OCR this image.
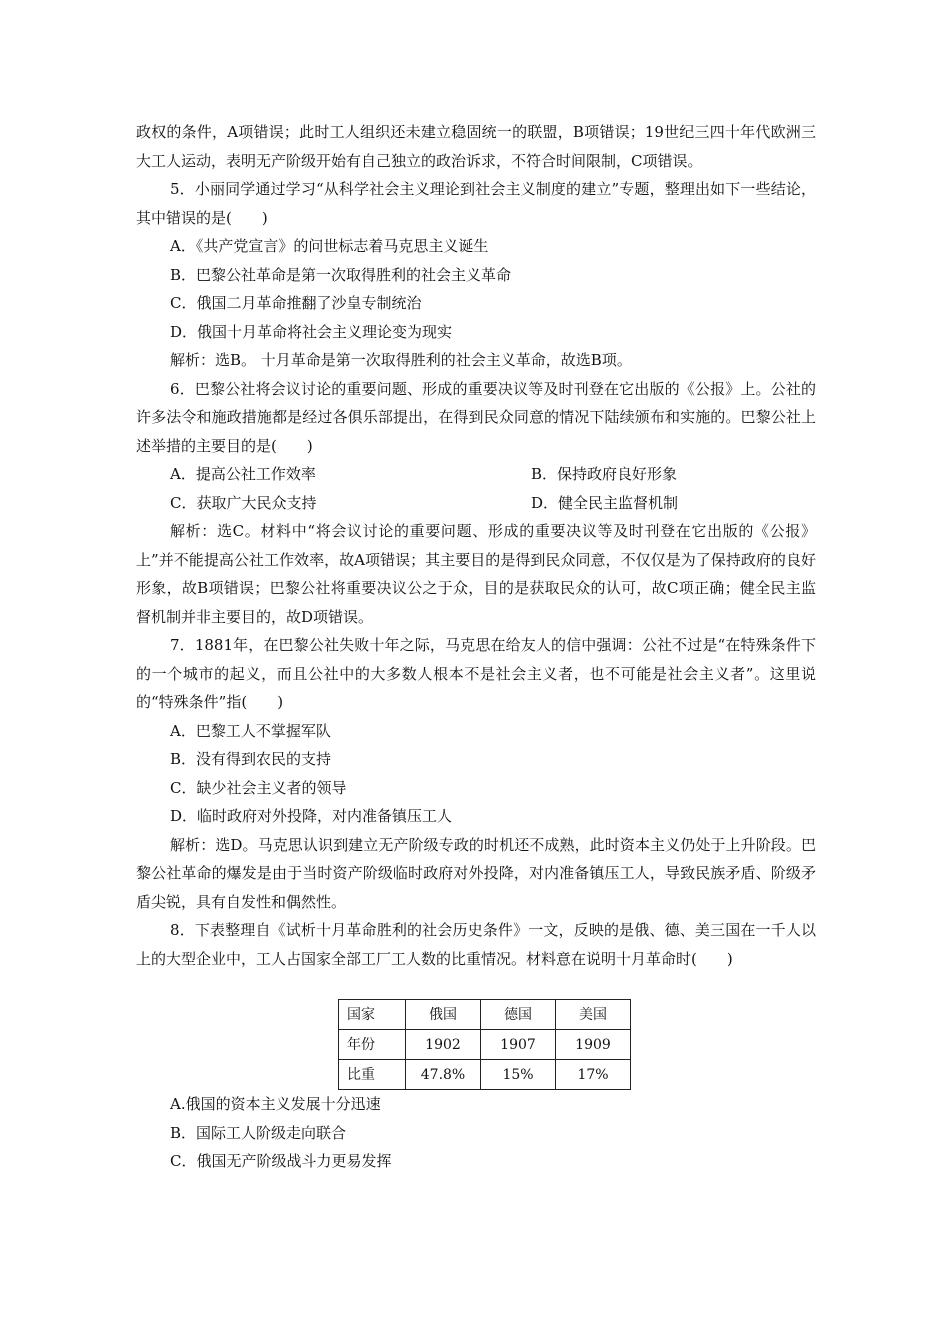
政权的条件，A项错误；此时工人组织还未建立稳固统一的联盟，B项错误；19世纪三四十年代欧洲三大工人运动，表明无产阶级开始有自己独立的政治诉求，不符合时间限制，C项错误。

5．小丽同学通过学习“从科学社会主义理论到社会主义制度的建立”专题，整理出如下一些结论，其中错误的是(　　)

A．《共产党宣言》的问世标志着马克思主义诞生

B．巴黎公社革命是第一次取得胜利的社会主义革命

C．俄国二月革命推翻了沙皇专制统治

D．俄国十月革命将社会主义理论变为现实

解析：选B。 十月革命是第一次取得胜利的社会主义革命，故选B项。

6．巴黎公社将会议讨论的重要问题、形成的重要决议等及时刊登在它出版的《公报》上。公社的许多法令和施政措施都是经过各俱乐部提出，在得到民众同意的情况下陆续颁布和实施的。巴黎公社上述举措的主要目的是(　　)

A．提高公社工作效率	B．保持政府良好形象
C．获取广大民众支持	D．健全民主监督机制

解析：选C。材料中“将会议讨论的重要问题、形成的重要决议等及时刊登在它出版的《公报》上”并不能提高公社工作效率，故A项错误；其主要目的是得到民众同意，不仅仅是为了保持政府的良好形象，故B项错误；巴黎公社将重要决议公之于众，目的是获取民众的认可，故C项正确；健全民主监督机制并非主要目的，故D项错误。

7．1881年，在巴黎公社失败十年之际，马克思在给友人的信中强调：公社不过是“在特殊条件下的一个城市的起义，而且公社中的大多数人根本不是社会主义者，也不可能是社会主义者”。这里说的“特殊条件”指(　　)

A．巴黎工人不掌握军队

B．没有得到农民的支持

C．缺少社会主义者的领导

D．临时政府对外投降，对内准备镇压工人

解析：选D。马克思认识到建立无产阶级专政的时机还不成熟，此时资本主义仍处于上升阶段。巴黎公社革命的爆发是由于当时资产阶级临时政府对外投降，对内准备镇压工人，导致民族矛盾、阶级矛盾尖锐，具有自发性和偶然性。

8．下表整理自《试析十月革命胜利的社会历史条件》一文，反映的是俄、德、美三国在一千人以上的大型企业中，工人占国家全部工厂工人数的比重情况。材料意在说明十月革命时(　　)

国家	俄国	德国	美国
年份	1902	1907	1909
比重	47.8%	15%	17%

A.俄国的资本主义发展十分迅速

B．国际工人阶级走向联合

C．俄国无产阶级战斗力更易发挥
